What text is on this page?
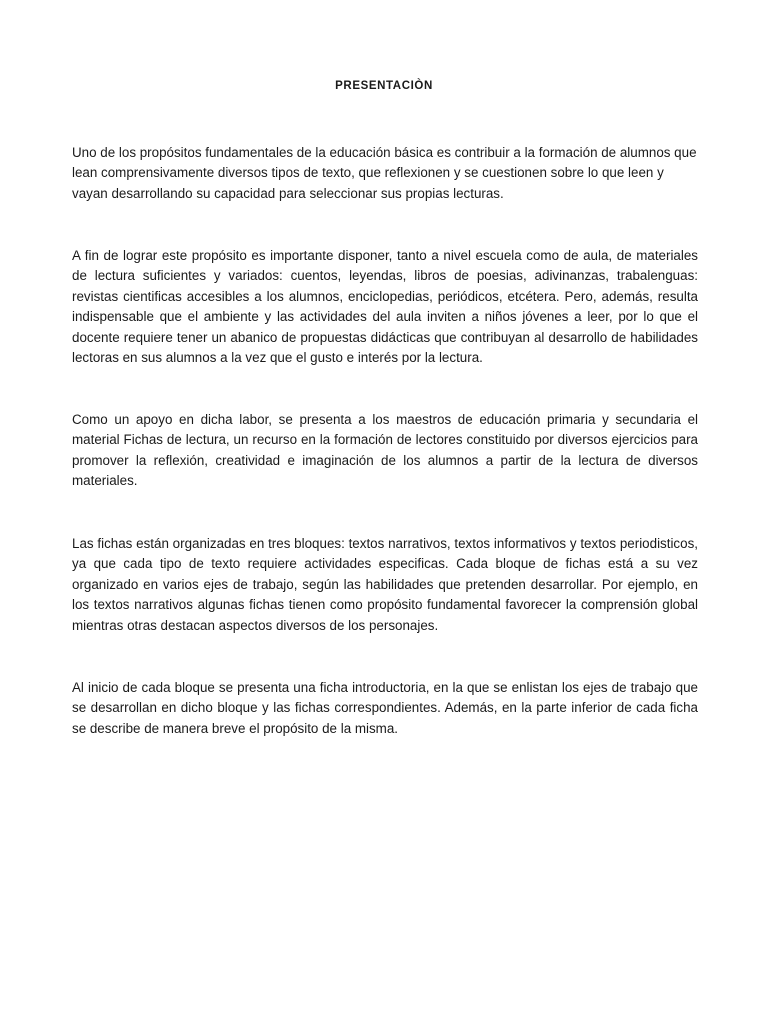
PRESENTACIÒN

Uno de los propósitos fundamentales de la educación básica es contribuir a la formación de alumnos que lean comprensivamente diversos tipos de texto, que reflexionen y se cuestionen sobre lo que leen y vayan desarrollando su capacidad para seleccionar sus propias lecturas.

A fin de lograr este propósito es importante disponer, tanto a nivel escuela como de aula, de materiales de lectura suficientes y variados: cuentos, leyendas, libros de poesias, adivinanzas, trabalenguas: revistas cientificas accesibles a los alumnos, enciclopedias, periódicos, etcétera. Pero, además, resulta indispensable que el ambiente y las actividades del aula inviten a niños jóvenes a leer, por lo que el docente requiere tener un abanico de propuestas didácticas que contribuyan al desarrollo de habilidades lectoras en sus alumnos a la vez que el gusto e interés por la lectura.

Como un apoyo en dicha labor, se presenta a los maestros de educación primaria y secundaria el material Fichas de lectura, un recurso en la formación de lectores constituido por diversos ejercicios para promover la reflexión, creatividad e imaginación de los alumnos a partir de la lectura de diversos materiales.

Las fichas están organizadas en tres bloques: textos narrativos, textos informativos y textos periodisticos, ya que cada tipo de texto requiere actividades especificas. Cada bloque de fichas está a su vez organizado en varios ejes de trabajo, según las habilidades que pretenden desarrollar. Por ejemplo, en los textos narrativos algunas fichas tienen como propósito fundamental favorecer la comprensión global mientras otras destacan aspectos diversos de los personajes.

Al inicio de cada bloque se presenta una ficha introductoria, en la que se enlistan los ejes de trabajo que se desarrollan en dicho bloque y las fichas correspondientes. Además, en la parte inferior de cada ficha se describe de manera breve el propósito de la misma.
